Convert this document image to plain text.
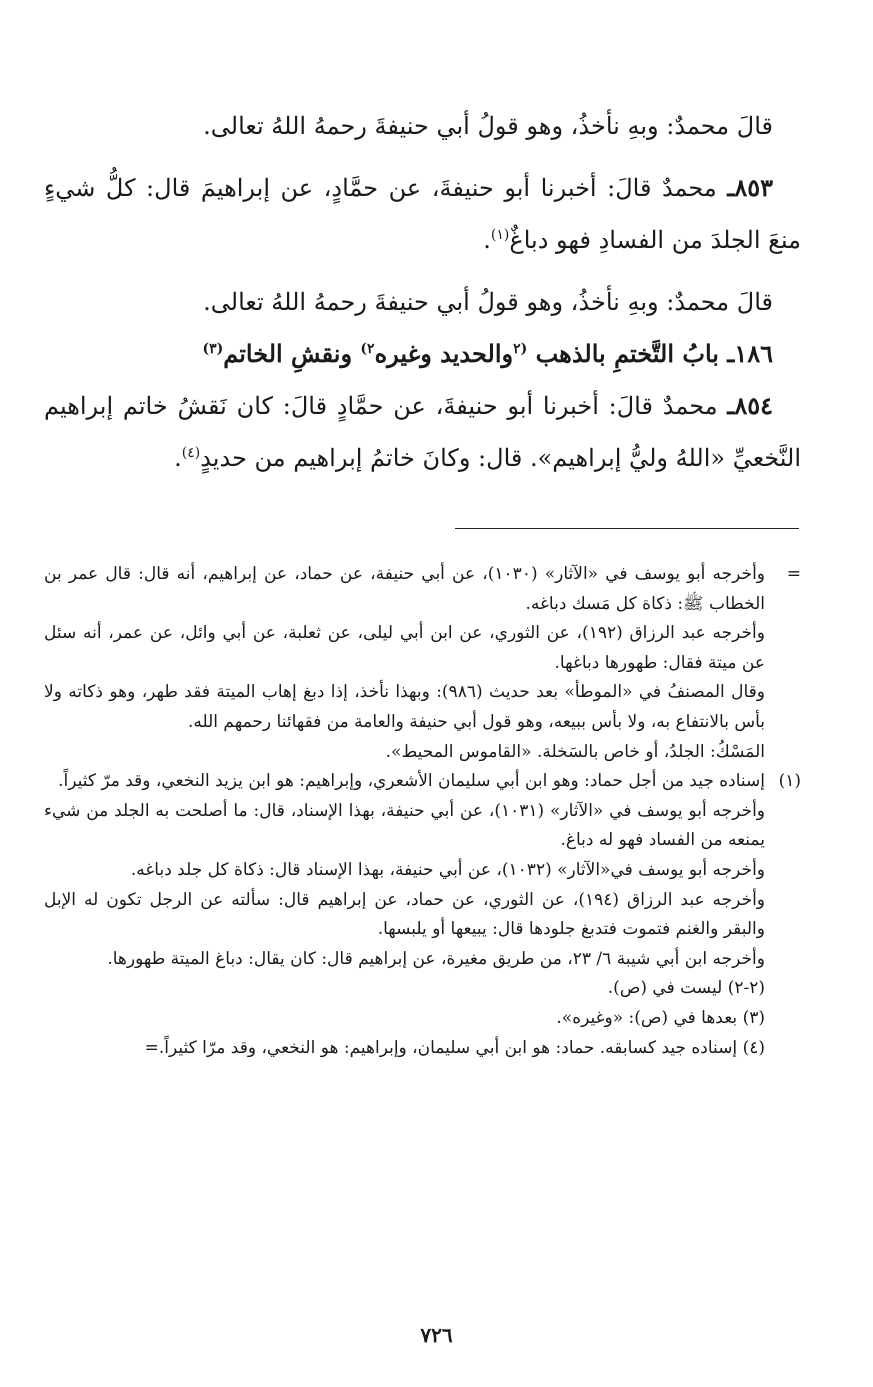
قالَ محمدٌ: وبهِ نأخذُ، وهو قولُ أبي حنيفةَ رحمهُ اللهُ تعالى.

٨٥٣ـ محمدٌ قالَ: أخبرنا أبو حنيفةَ، عن حمَّادٍ، عن إبراهيمَ قال: كلُّ شيءٍ منعَ الجلدَ من الفسادِ فهو دباغٌ$^{(١)}$.

قالَ محمدٌ: وبهِ نأخذُ، وهو قولُ أبي حنيفةَ رحمهُ اللهُ تعالى.

١٨٦ـ بابُ التَّختمِ بالذهب $^{(٢}$والحديد وغيره$^{٢)}$ ونقشِ الخاتم$^{(٣)}$

٨٥٤ـ محمدٌ قالَ: أخبرنا أبو حنيفةَ، عن حمَّادٍ قالَ: كان نَقشُ خاتم إبراهيم النَّخعيِّ «اللهُ وليُّ إبراهيم». قال: وكانَ خاتمُ إبراهيم من حديدٍ$^{(٤)}$.

=
وأخرجه أبو يوسف في «الآثار» (١٠٣٠)، عن أبي حنيفة، عن حماد، عن إبراهيم، أنه قال: قال عمر بن الخطاب ﷺ: ذكاة كل مَسك دباغه.

وأخرجه عبد الرزاق (١٩٢)، عن الثوري، عن ابن أبي ليلى، عن ثعلبة، عن أبي وائل، عن عمر، أنه سئل عن ميتة فقال: طهورها دباغها.

وقال المصنفُ في «الموطأ» بعد حديث (٩٨٦): وبهذا نأخذ، إذا دبغ إهاب الميتة فقد طهر، وهو ذكاته ولا بأس بالانتفاع به، ولا بأس ببيعه، وهو قول أبي حنيفة والعامة من فقهائنا رحمهم الله.

المَسْكُ: الجلدُ، أو خاص بالسَخلة. «القاموس المحيط».

(١)
إسناده جيد من أجل حماد: وهو ابن أبي سليمان الأشعري، وإبراهيم: هو ابن يزيد النخعي، وقد مرّ كثيراً.

وأخرجه أبو يوسف في «الآثار» (١٠٣١)، عن أبي حنيفة، بهذا الإسناد، قال: ما أصلحت به الجلد من شيء يمنعه من الفساد فهو له دباغ.

وأخرجه أبو يوسف في«الآثار» (١٠٣٢)، عن أبي حنيفة، بهذا الإسناد قال: ذكاة كل جلد دباغه.

وأخرجه عبد الرزاق (١٩٤)، عن الثوري، عن حماد، عن إبراهيم قال: سألته عن الرجل تكون له الإبل والبقر والغنم فتموت فتدبغ جلودها قال: يبيعها أو يلبسها.

وأخرجه ابن أبي شيبة ٦/ ٢٣، من طريق مغيرة، عن إبراهيم قال: كان يقال: دباغ الميتة طهورها.

(٢-٢) ليست في (ص).

(٣) بعدها في (ص): «وغيره».

(٤) إسناده جيد كسابقه. حماد: هو ابن أبي سليمان، وإبراهيم: هو النخعي، وقد مرّا كثيراً.=

٧٢٦
